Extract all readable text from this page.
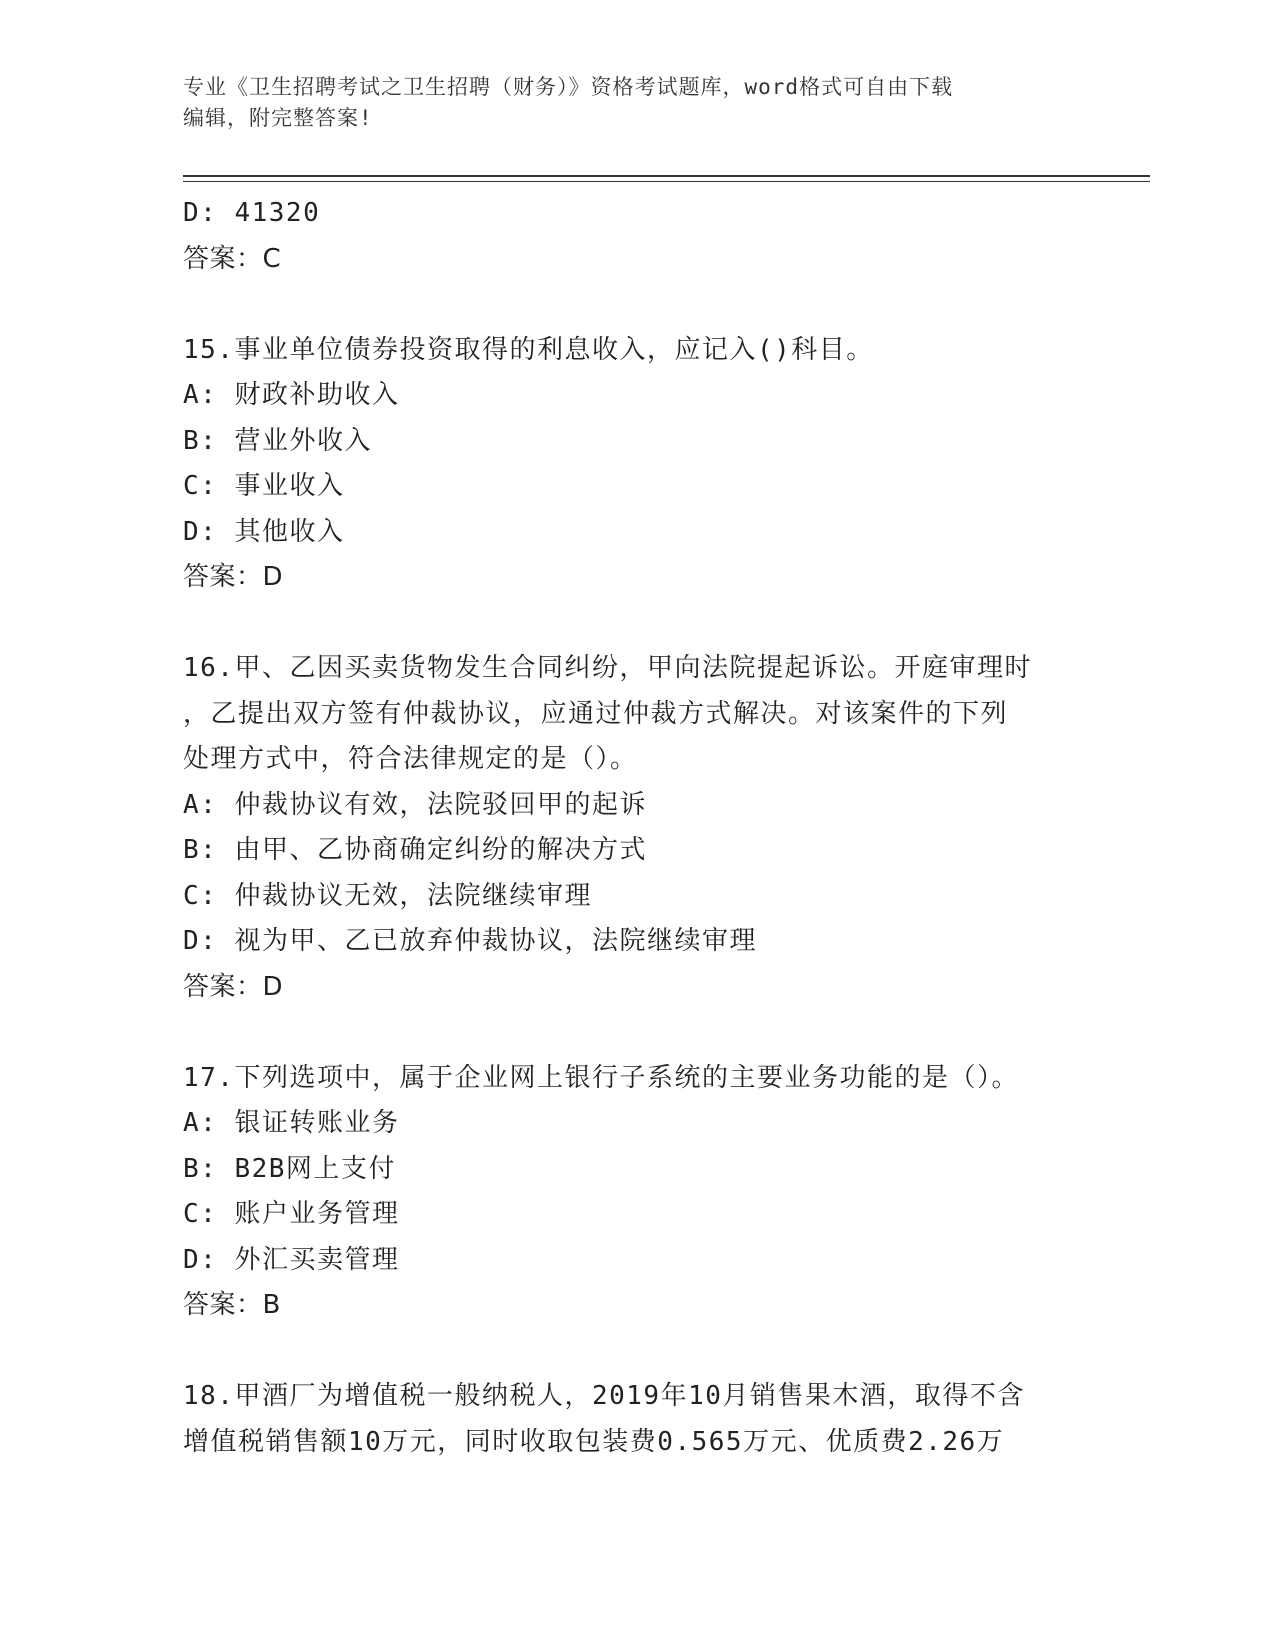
专业《卫生招聘考试之卫生招聘（财务）》资格考试题库，word格式可自由下载
编辑，附完整答案!
D: 41320
答案：C
15.事业单位债券投资取得的利息收入，应记入()科目。
A: 财政补助收入
B: 营业外收入
C: 事业收入
D: 其他收入
答案：D
16.甲、乙因买卖货物发生合同纠纷，甲向法院提起诉讼。开庭审理时
，乙提出双方签有仲裁协议，应通过仲裁方式解决。对该案件的下列
处理方式中，符合法律规定的是（）。
A: 仲裁协议有效，法院驳回甲的起诉
B: 由甲、乙协商确定纠纷的解决方式
C: 仲裁协议无效，法院继续审理
D: 视为甲、乙已放弃仲裁协议，法院继续审理
答案：D
17.下列选项中，属于企业网上银行子系统的主要业务功能的是（）。
A: 银证转账业务
B: B2B网上支付
C: 账户业务管理
D: 外汇买卖管理
答案：B
18.甲酒厂为增值税一般纳税人，2019年10月销售果木酒，取得不含
增值税销售额10万元，同时收取包装费0.565万元、优质费2.26万
